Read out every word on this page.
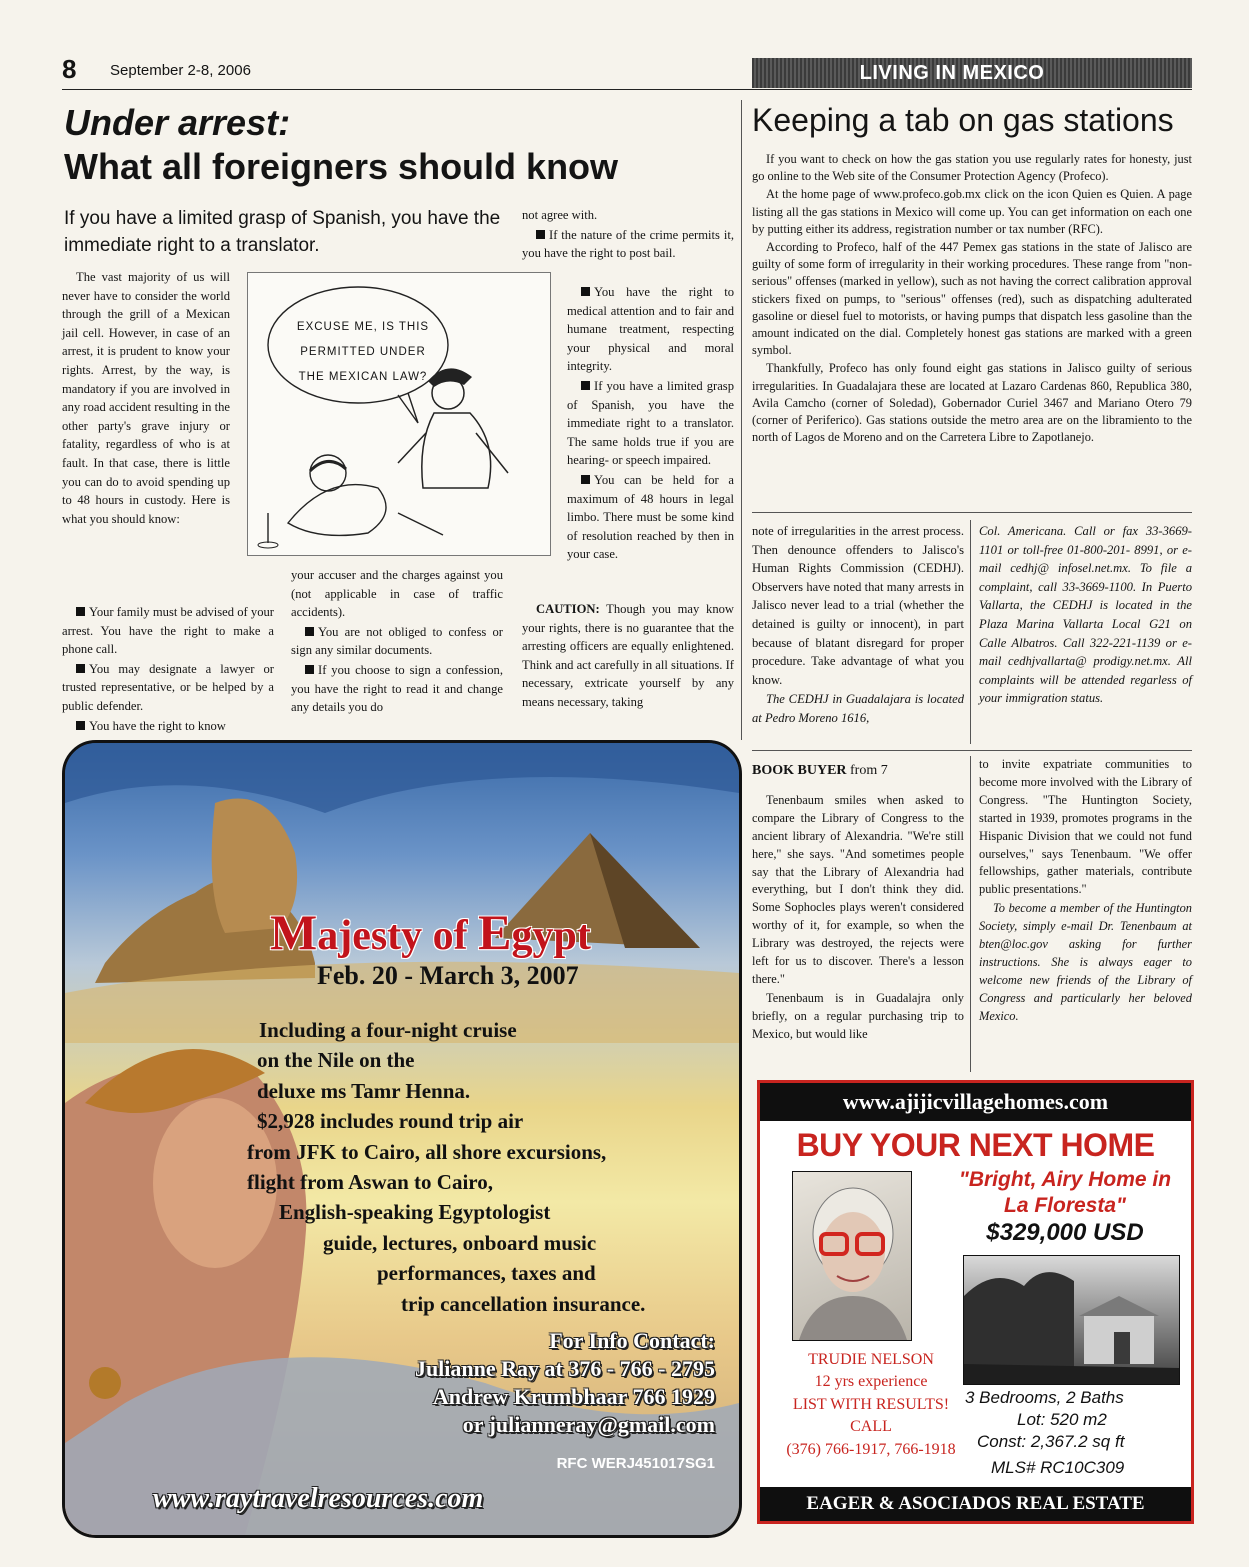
8 September 2-8, 2006	LIVING IN MEXICO
Under arrest:
What all foreigners should know
If you have a limited grasp of Spanish, you have the immediate right to a translator.

The vast majority of us will never have to consider the world through the grill of a Mexican jail cell. However, in case of an arrest, it is prudent to know your rights. Arrest, by the way, is mandatory if you are involved in any road accident resulting in the other party's grave injury or fatality, regardless of who is at fault. In that case, there is little you can do to avoid spending up to 48 hours in custody. Here is what you should know:

Your family must be advised of your arrest. You have the right to make a phone call.

You may designate a lawyer or trusted representative, or be helped by a public defender.

You have the right to know

EXCUSE ME, IS THIS PERMITTED UNDER THE MEXICAN LAW?

your accuser and the charges against you (not applicable in case of traffic accidents).

You are not obliged to confess or sign any similar documents.

If you choose to sign a confession, you have the right to read it and change any details you do

not agree with.

If the nature of the crime permits it, you have the right to post bail.

You have the right to medical attention and to fair and humane treatment, respecting your physical and moral integrity.

If you have a limited grasp of Spanish, you have the immediate right to a translator. The same holds true if you are hearing- or speech impaired.

You can be held for a maximum of 48 hours in legal limbo. There must be some kind of resolution reached by then in your case.

CAUTION: Though you may know your rights, there is no guarantee that the arresting officers are equally enlightened. Think and act carefully in all situations. If necessary, extricate yourself by any means necessary, taking

Keeping a tab on gas stations

If you want to check on how the gas station you use regularly rates for honesty, just go online to the Web site of the Consumer Protection Agency (Profeco).

At the home page of www.profeco.gob.mx click on the icon Quien es Quien. A page listing all the gas stations in Mexico will come up. You can get information on each one by putting either its address, registration number or tax number (RFC).

According to Profeco, half of the 447 Pemex gas stations in the state of Jalisco are guilty of some form of irregularity in their working procedures. These range from "non-serious" offenses (marked in yellow), such as not having the correct calibration approval stickers fixed on pumps, to "serious" offenses (red), such as dispatching adulterated gasoline or diesel fuel to motorists, or having pumps that dispatch less gasoline than the amount indicated on the dial. Completely honest gas stations are marked with a green symbol.

Thankfully, Profeco has only found eight gas stations in Jalisco guilty of serious irregularities. In Guadalajara these are located at Lazaro Cardenas 860, Republica 380, Avila Camcho (corner of Soledad), Gobernador Curiel 3467 and Mariano Otero 79 (corner of Periferico). Gas stations outside the metro area are on the libramiento to the north of Lagos de Moreno and on the Carretera Libre to Zapotlanejo.

note of irregularities in the arrest process. Then denounce offenders to Jalisco's Human Rights Commission (CEDHJ). Observers have noted that many arrests in Jalisco never lead to a trial (whether the detained is guilty or innocent), in part because of blatant disregard for proper procedure. Take advantage of what you know.

The CEDHJ in Guadalajara is located at Pedro Moreno 1616,

Col. Americana. Call or fax 33-3669-1101 or toll-free 01-800-201- 8991, or e-mail cedhj@ infosel.net.mx. To file a complaint, call 33-3669-1100. In Puerto Vallarta, the CEDHJ is located in the Plaza Marina Vallarta Local G21 on Calle Albatros. Call 322-221-1139 or e-mail cedhjvallarta@ prodigy.net.mx. All complaints will be attended regarless of your immigration status.

BOOK BUYER from 7

Tenenbaum smiles when asked to compare the Library of Congress to the ancient library of Alexandria. "We're still here," she says. "And sometimes people say that the Library of Alexandria had everything, but I don't think they did. Some Sophocles plays weren't considered worthy of it, for example, so when the Library was destroyed, the rejects were left for us to discover. There's a lesson there."

Tenenbaum is in Guadalajra only briefly, on a regular purchasing trip to Mexico, but would like

to invite expatriate communities to become more involved with the Library of Congress. "The Huntington Society, started in 1939, promotes programs in the Hispanic Division that we could not fund ourselves," says Tenenbaum. "We offer fellowships, gather materials, contribute public presentations."

To become a member of the Huntington Society, simply e-mail Dr. Tenenbaum at bten@loc.gov asking for further instructions. She is always eager to welcome new friends of the Library of Congress and particularly her beloved Mexico.

Majesty of Egypt
Feb. 20 - March 3, 2007
Including a four-night cruise
on the Nile on the
deluxe ms Tamr Henna.
$2,928 includes round trip air
from JFK to Cairo, all shore excursions,
flight from Aswan to Cairo,
English-speaking Egyptologist
guide, lectures, onboard music
performances, taxes and
trip cancellation insurance.
For Info Contact:
Julianne Ray at 376 - 766 - 2795
Andrew Krumbhaar 766 1929
or julianneray@gmail.com
RFC WERJ451017SG1
www.raytravelresources.com
www.ajijicvillagehomes.com
BUY YOUR NEXT HOME
TRUDIE NELSON
12 yrs experience
LIST WITH RESULTS!
CALL
(376) 766-1917, 766-1918
"Bright, Airy Home in La Floresta"
$329,000 USD
3 Bedrooms, 2 Baths
Lot: 520 m2
Const: 2,367.2 sq ft
MLS# RC10C309
EAGER & ASOCIADOS REAL ESTATE
